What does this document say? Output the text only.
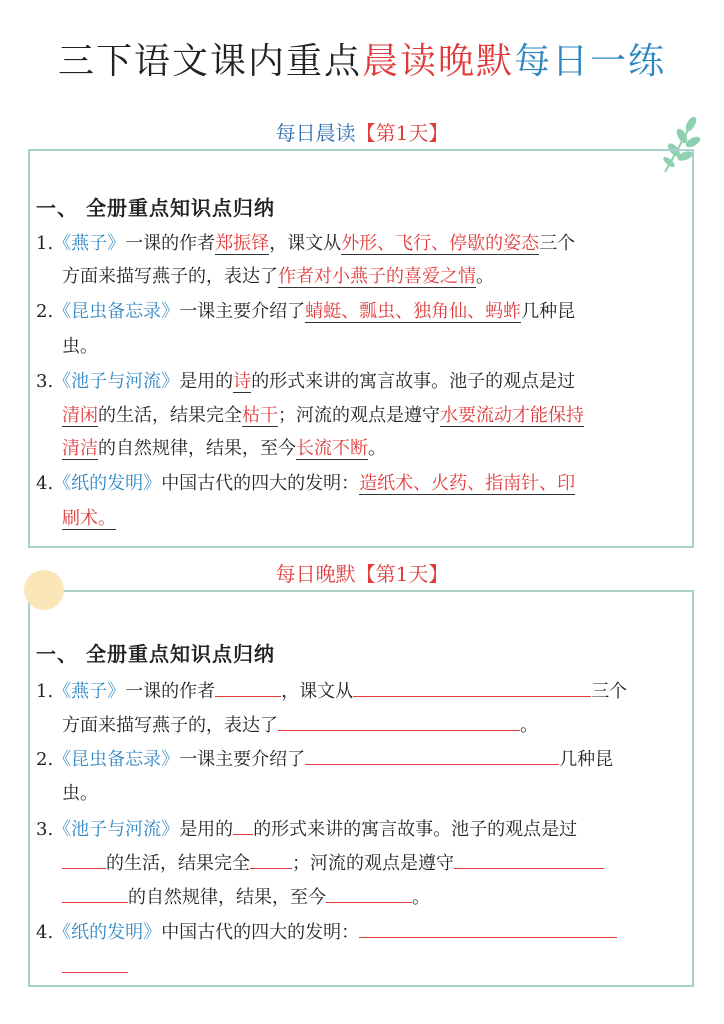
三下语文课内重点晨读晚默每日一练
每日晨读【第1天】
一、 全册重点知识点归纳
1.《燕子》一课的作者郑振铎，课文从外形、飞行、停歇的姿态三个
方面来描写燕子的，表达了作者对小燕子的喜爱之情。
2.《昆虫备忘录》一课主要介绍了蜻蜓、瓢虫、独角仙、蚂蚱几种昆
虫。
3.《池子与河流》是用的诗的形式来讲的寓言故事。池子的观点是过
清闲的生活，结果完全枯干；河流的观点是遵守水要流动才能保持
清洁的自然规律，结果，至今长流不断。
4.《纸的发明》中国古代的四大的发明：造纸术、火药、指南针、印
刷术。
每日晚默【第1天】
一、 全册重点知识点归纳
1.《燕子》一课的作者	，课文从	三个
方面来描写燕子的，表达了	。
2.《昆虫备忘录》一课主要介绍了	几种昆
虫。
3.《池子与河流》是用的 的形式来讲的寓言故事。池子的观点是过
的生活，结果完全 ；河流的观点是遵守
的自然规律，结果，至今	。
4.《纸的发明》中国古代的四大的发明：
